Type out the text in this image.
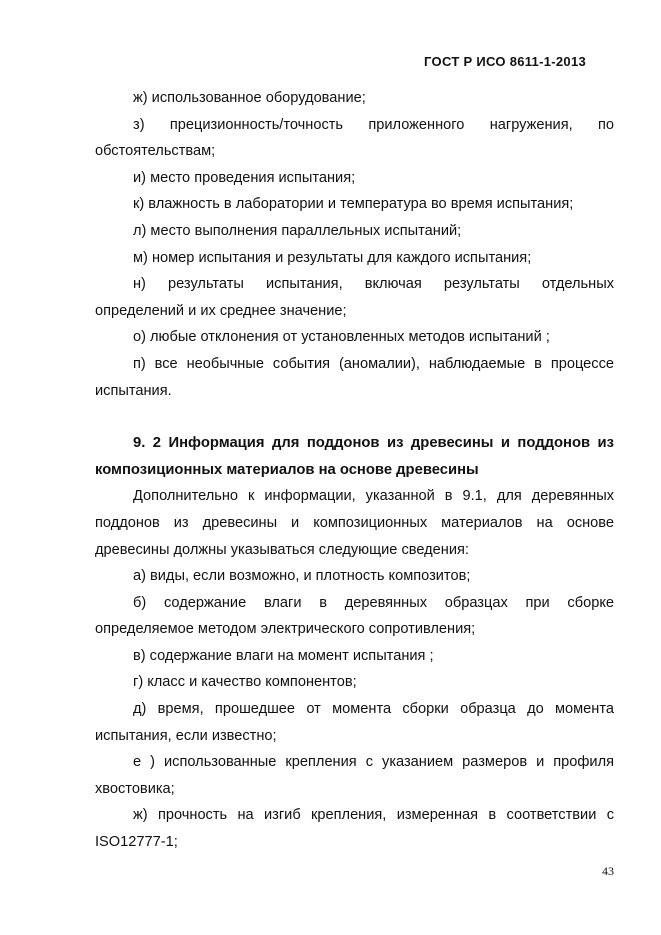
ГОСТ Р ИСО 8611-1-2013

ж) использованное оборудование;

з) прецизионность/точность приложенного нагружения, по обстоятельствам;

и) место проведения испытания;

к) влажность в лаборатории и температура во время испытания;

л) место выполнения параллельных испытаний;

м) номер испытания и результаты для каждого испытания;

н) результаты испытания, включая результаты отдельных определений и их среднее значение;

о) любые отклонения от установленных методов испытаний ;

п) все необычные события (аномалии), наблюдаемые в процессе испытания.

9. 2 Информация для поддонов из древесины и поддонов из композиционных материалов на основе древесины

Дополнительно к информации, указанной в 9.1, для деревянных поддонов из древесины и композиционных материалов на основе древесины должны указываться следующие сведения:

а) виды, если возможно, и плотность композитов;

б) содержание влаги в деревянных образцах при сборке определяемое методом электрического сопротивления;

в) содержание влаги на момент испытания ;

г) класс и качество компонентов;

д) время, прошедшее от момента сборки образца до момента испытания, если известно;

е ) использованные крепления с указанием размеров и профиля хвостовика;

ж) прочность на изгиб крепления, измеренная в соответствии с ISO12777-1;

43
